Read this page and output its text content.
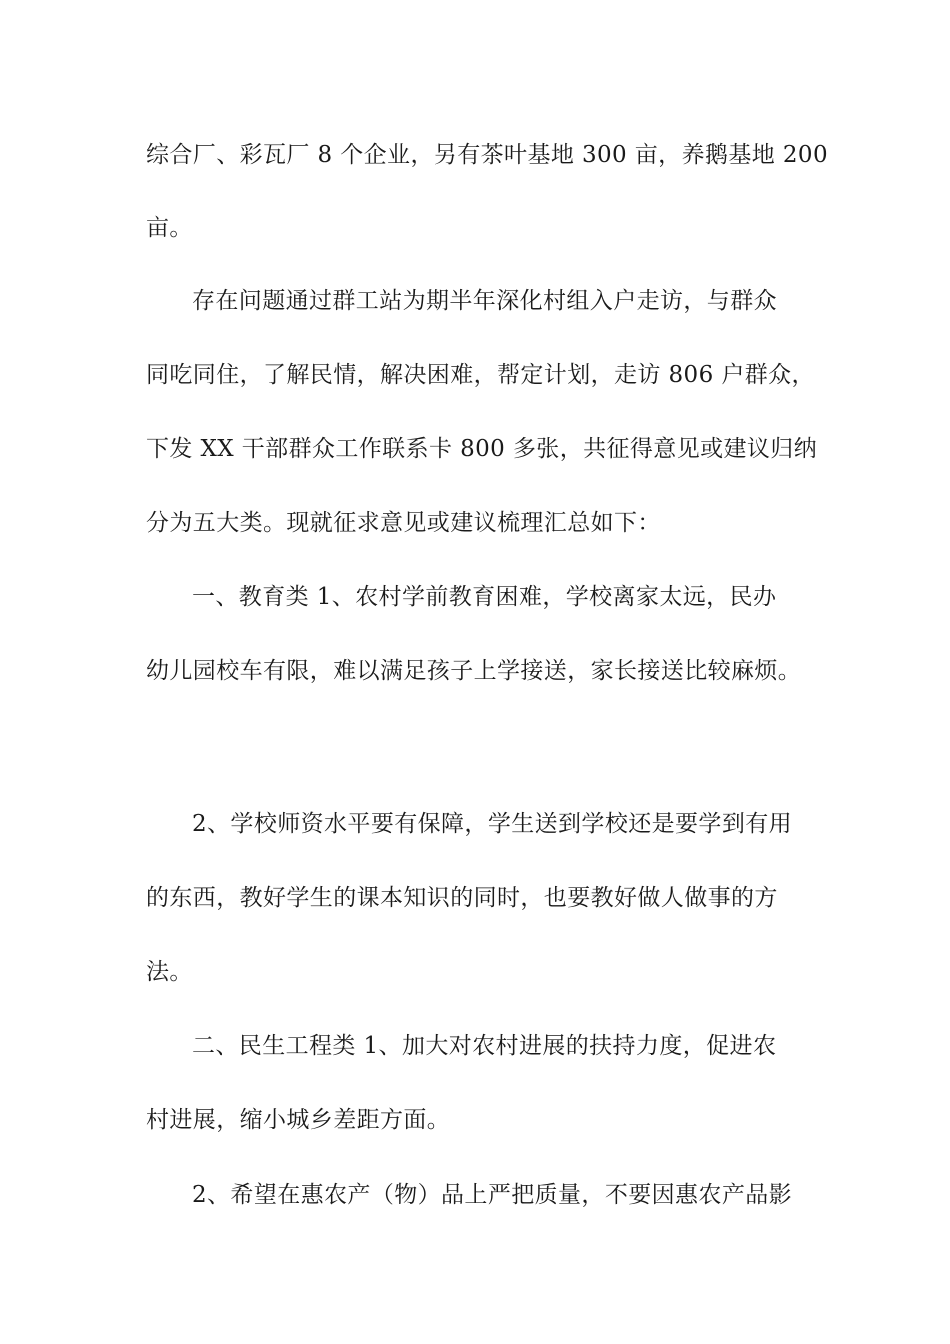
综合厂、彩瓦厂 8 个企业，另有茶叶基地 300 亩，养鹅基地 200
亩。
存在问题通过群工站为期半年深化村组入户走访，与群众
同吃同住，了解民情，解决困难，帮定计划，走访 806 户群众，
下发 XX 干部群众工作联系卡 800 多张，共征得意见或建议归纳
分为五大类。现就征求意见或建议梳理汇总如下：
一、教育类 1、农村学前教育困难，学校离家太远，民办
幼儿园校车有限，难以满足孩子上学接送，家长接送比较麻烦。
2、学校师资水平要有保障，学生送到学校还是要学到有用
的东西，教好学生的课本知识的同时，也要教好做人做事的方
法。
二、民生工程类 1、加大对农村进展的扶持力度，促进农
村进展，缩小城乡差距方面。
2、希望在惠农产（物）品上严把质量，不要因惠农产品影
